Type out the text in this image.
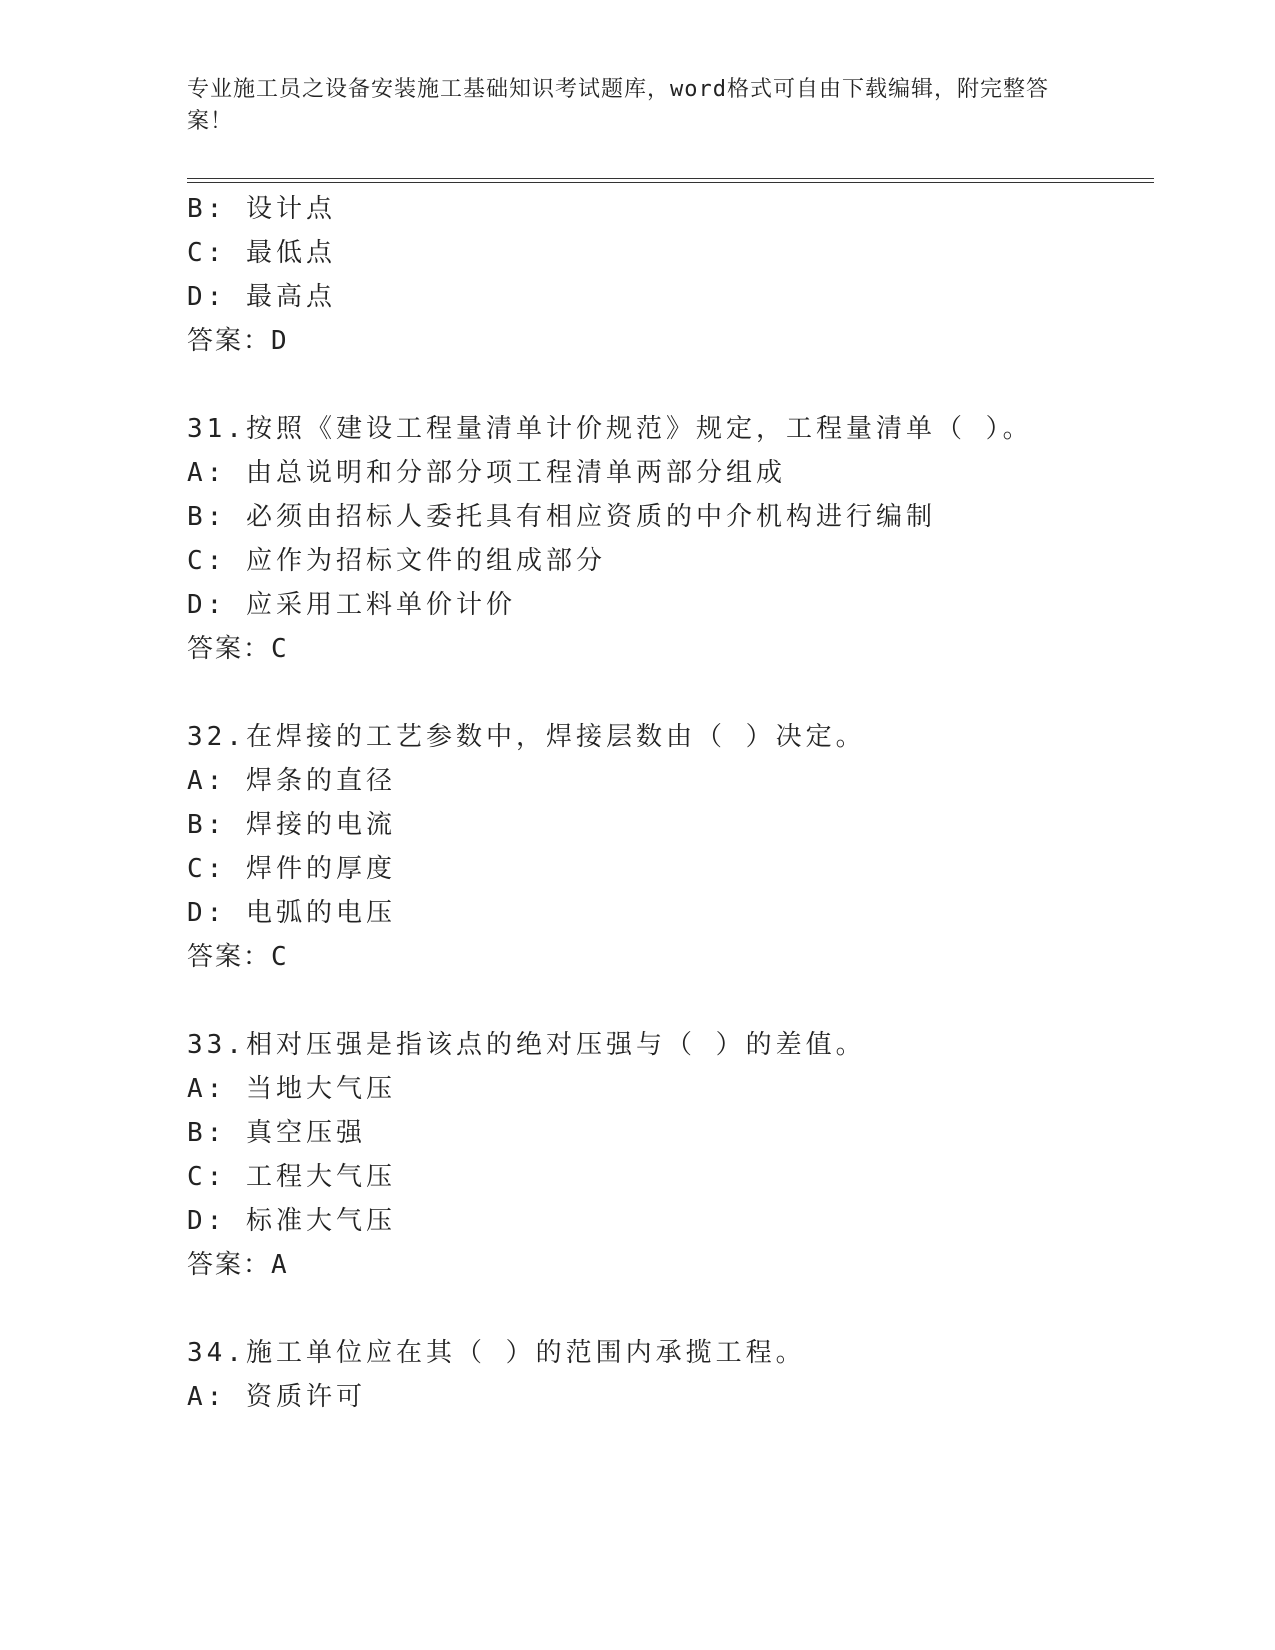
专业施工员之设备安装施工基础知识考试题库，word格式可自由下载编辑，附完整答案！
B: 设计点
C: 最低点
D: 最高点
答案：D
31.按照《建设工程量清单计价规范》规定，工程量清单（ ）。
A: 由总说明和分部分项工程清单两部分组成
B: 必须由招标人委托具有相应资质的中介机构进行编制
C: 应作为招标文件的组成部分
D: 应采用工料单价计价
答案：C
32.在焊接的工艺参数中，焊接层数由（ ）决定。
A: 焊条的直径
B: 焊接的电流
C: 焊件的厚度
D: 电弧的电压
答案：C
33.相对压强是指该点的绝对压强与（ ）的差值。
A: 当地大气压
B: 真空压强
C: 工程大气压
D: 标准大气压
答案：A
34.施工单位应在其（ ）的范围内承揽工程。
A: 资质许可
